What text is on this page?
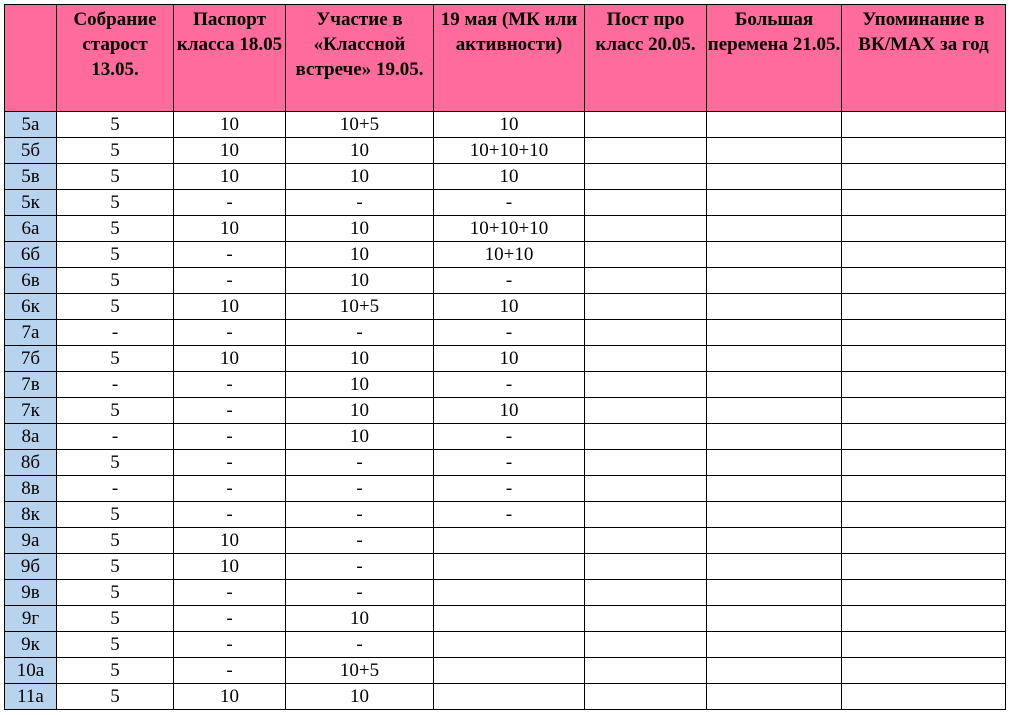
	Собрание старост 13.05.	Паспорт класса 18.05	Участие в «Классной встрече» 19.05.	19 мая (МК или активности)	Пост про класс 20.05.	Большая перемена 21.05.	Упоминание в ВК/MAX за год
5а	5	10	10+5	10			
5б	5	10	10	10+10+10			
5в	5	10	10	10			
5к	5	-	-	-			
6а	5	10	10	10+10+10			
6б	5	-	10	10+10			
6в	5	-	10	-			
6к	5	10	10+5	10			
7а	-	-	-	-			
7б	5	10	10	10			
7в	-	-	10	-			
7к	5	-	10	10			
8а	-	-	10	-			
8б	5	-	-	-			
8в	-	-	-	-			
8к	5	-	-	-			
9а	5	10	-				
9б	5	10	-				
9в	5	-	-				
9г	5	-	10				
9к	5	-	-				
10а	5	-	10+5				
11а	5	10	10				
